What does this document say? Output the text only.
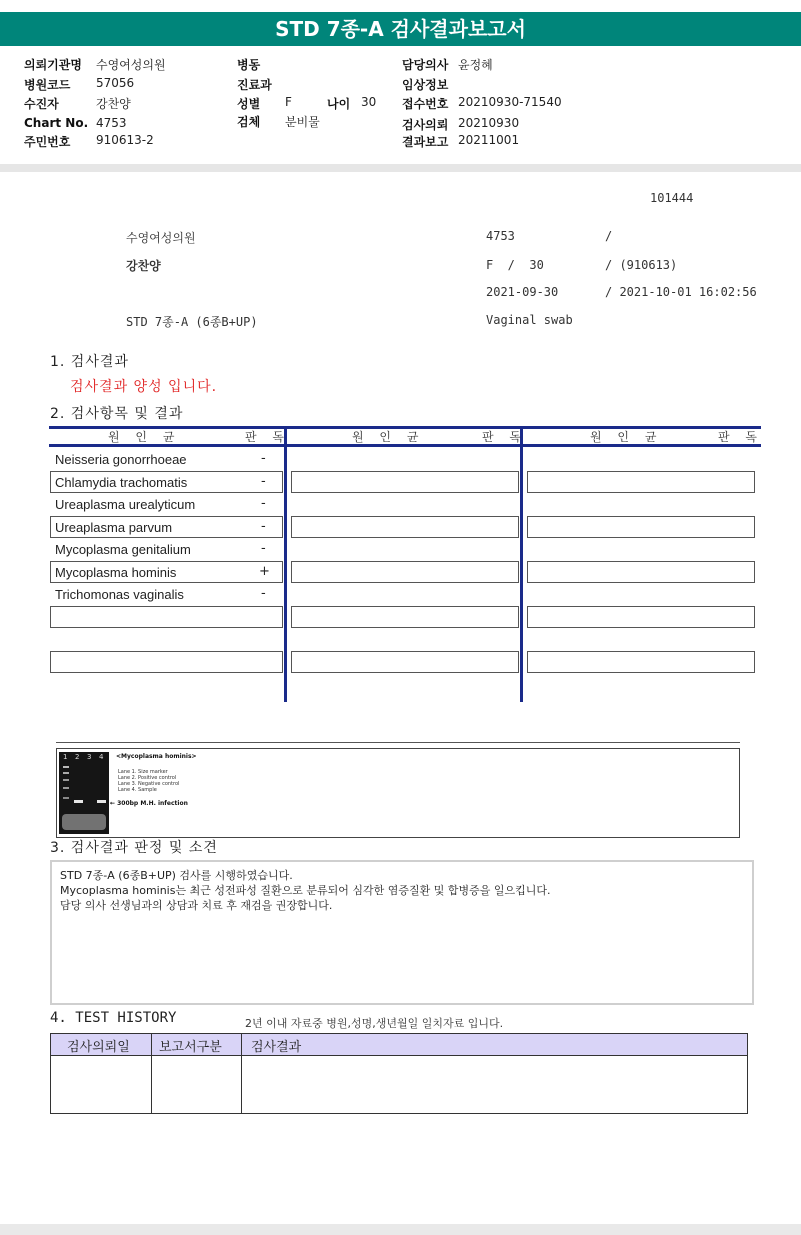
STD 7종-A 검사결과보고서
의뢰기관명 수영여성의원
병원코드 57056
수진자	강찬양
Chart No. 4753
주민번호 910613-2
병동
진료과
성별 F	나이 30
검체 분비물
담당의사 윤정혜
임상정보
접수번호 20210930-71540
검사의뢰 20210930
결과보고 20211001
101444
수영여성의원	4753	/
강찬양	F  /  30	/ (910613)
2021-09-30	/ 2021-10-01 16:02:56
STD 7종-A (6종B+UP)	Vaginal swab
1. 검사결과
검사결과 양성 입니다.
2. 검사항목 및 결과
원 인 균	판 독	원 인 균	판 독	원 인 균	판 독
Neisseria gonorrhoeae	-
Chlamydia trachomatis	-
Ureaplasma urealyticum	-
Ureaplasma parvum	-
Mycoplasma genitalium	-
Mycoplasma hominis	+
Trichomonas vaginalis	-
1 2 3 4 <Mycoplasma hominis>
Lane 1. Size marker
Lane 2. Positive control
Lane 3. Negative control
Lane 4. Sample
← 300bp M.H. infection
3. 검사결과 판정 및 소견
STD 7종-A (6종B+UP) 검사를 시행하였습니다.
Mycoplasma hominis는 최근 성전파성 질환으로 분류되어 심각한 염증질환 및 합병증을 일으킵니다.
담당 의사 선생님과의 상담과 치료 후 재검을 권장합니다.
4. TEST HISTORY	2년 이내 자료중 병원,성명,생년월일 일치자료 입니다.
검사의뢰일 보고서구분 검사결과
